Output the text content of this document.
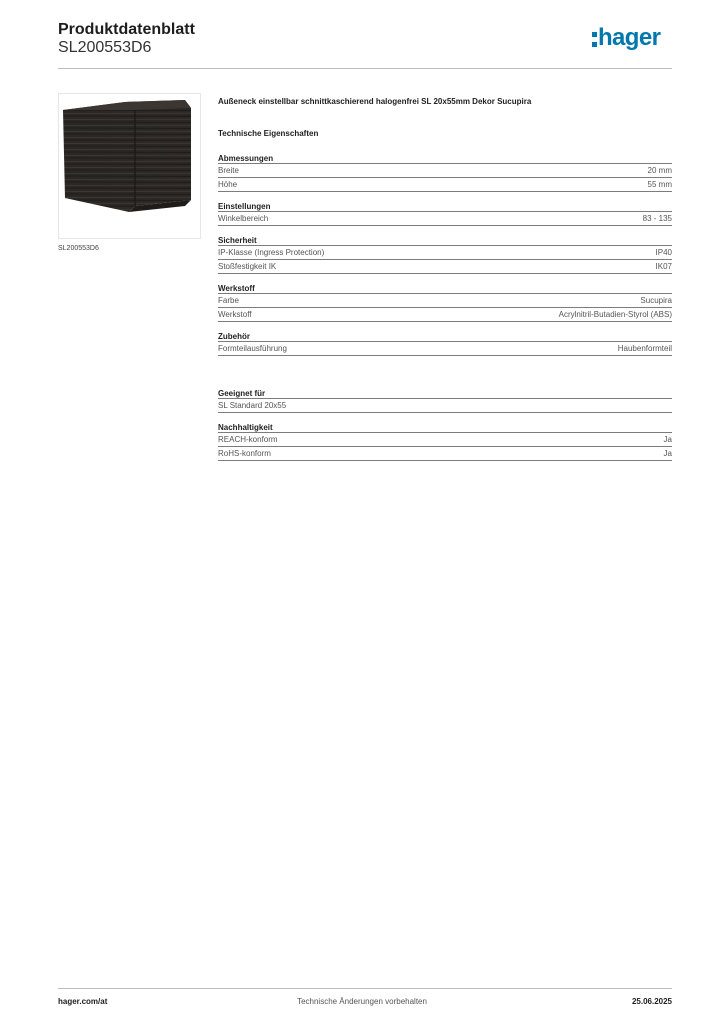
Produktdatenblatt
SL200553D6	hager
SL200553D6
Außeneck einstellbar schnittkaschierend halogenfrei SL 20x55mm Dekor Sucupira
Technische Eigenschaften
Abmessungen
Breite	20 mm
Höhe	55 mm
Einstellungen
Winkelbereich	83 - 135
Sicherheit
IP-Klasse (Ingress Protection)	IP40
Stoßfestigkeit IK	IK07
Werkstoff
Farbe	Sucupira
Werkstoff	Acrylnitril-Butadien-Styrol (ABS)
Zubehör
Formteilausführung	Haubenformteil
Geeignet für
SL Standard 20x55
Nachhaltigkeit
REACH-konform	Ja
RoHS-konform	Ja
hager.com/at	Technische Änderungen vorbehalten	25.06.2025
